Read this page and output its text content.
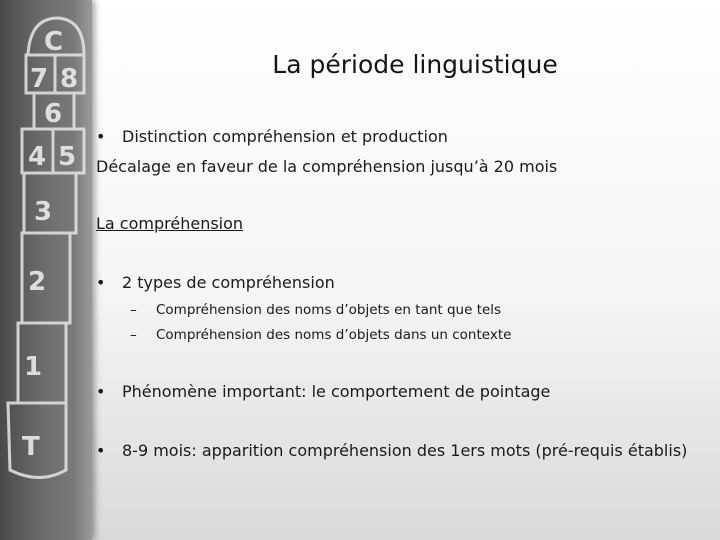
C
7 8
6
4 5
3
2
1
T
La période linguistique
• Distinction compréhension et production
Décalage en faveur de la compréhension jusqu’à 20 mois
La compréhension
• 2 types de compréhension
– Compréhension des noms d’objets en tant que tels
– Compréhension des noms d’objets dans un contexte
• Phénomène important: le comportement de pointage
• 8-9 mois: apparition compréhension des 1ers mots (pré-requis établis)
